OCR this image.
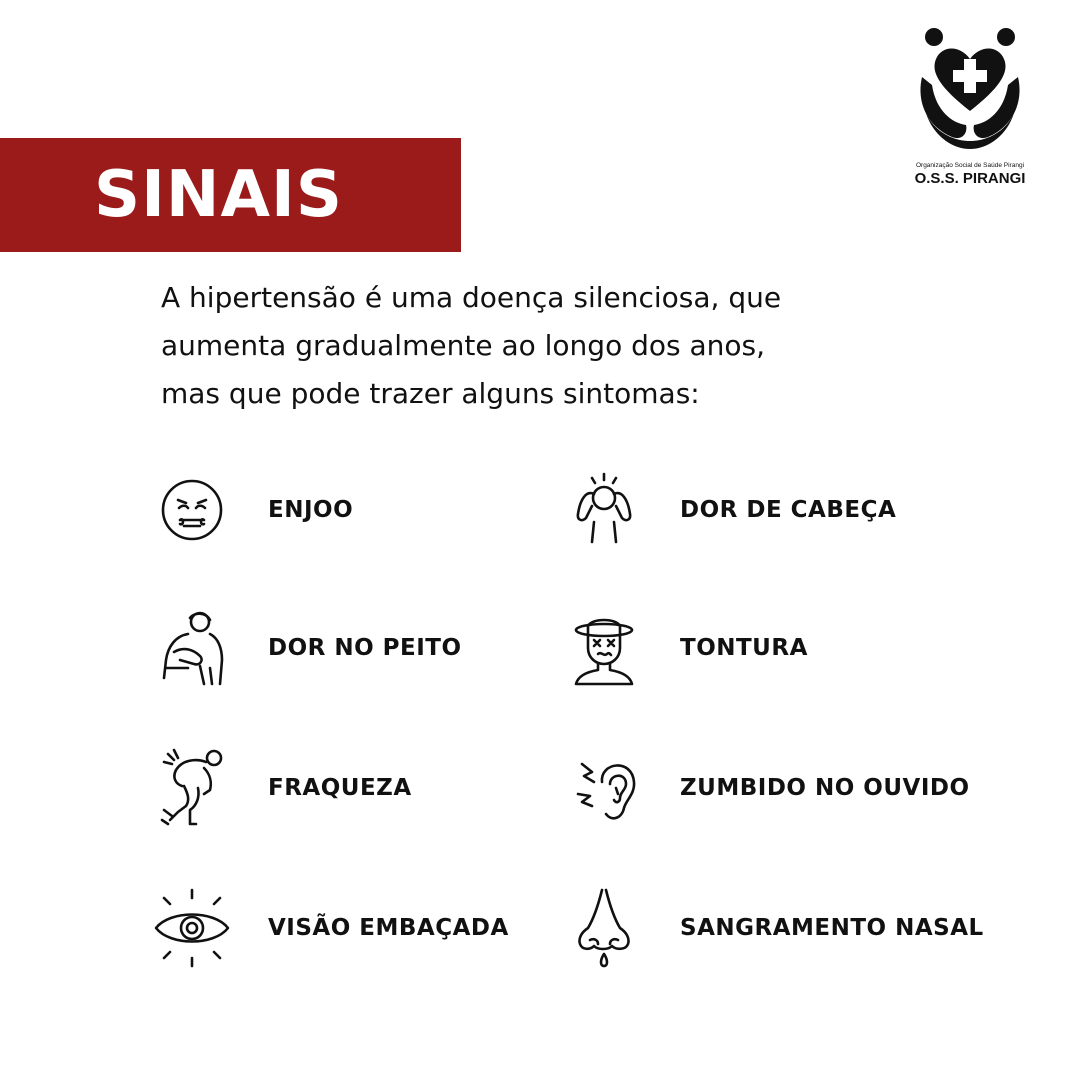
SINAIS	Organização Social de Saúde Pirangi
O.S.S. PIRANGI
A hipertensão é uma doença silenciosa, que
aumenta gradualmente ao longo dos anos,
mas que pode trazer alguns sintomas:
ENJOO	DOR DE CABEÇA
DOR NO PEITO	TONTURA
FRAQUEZA	ZUMBIDO NO OUVIDO
VISÃO EMBAÇADA	SANGRAMENTO NASAL
